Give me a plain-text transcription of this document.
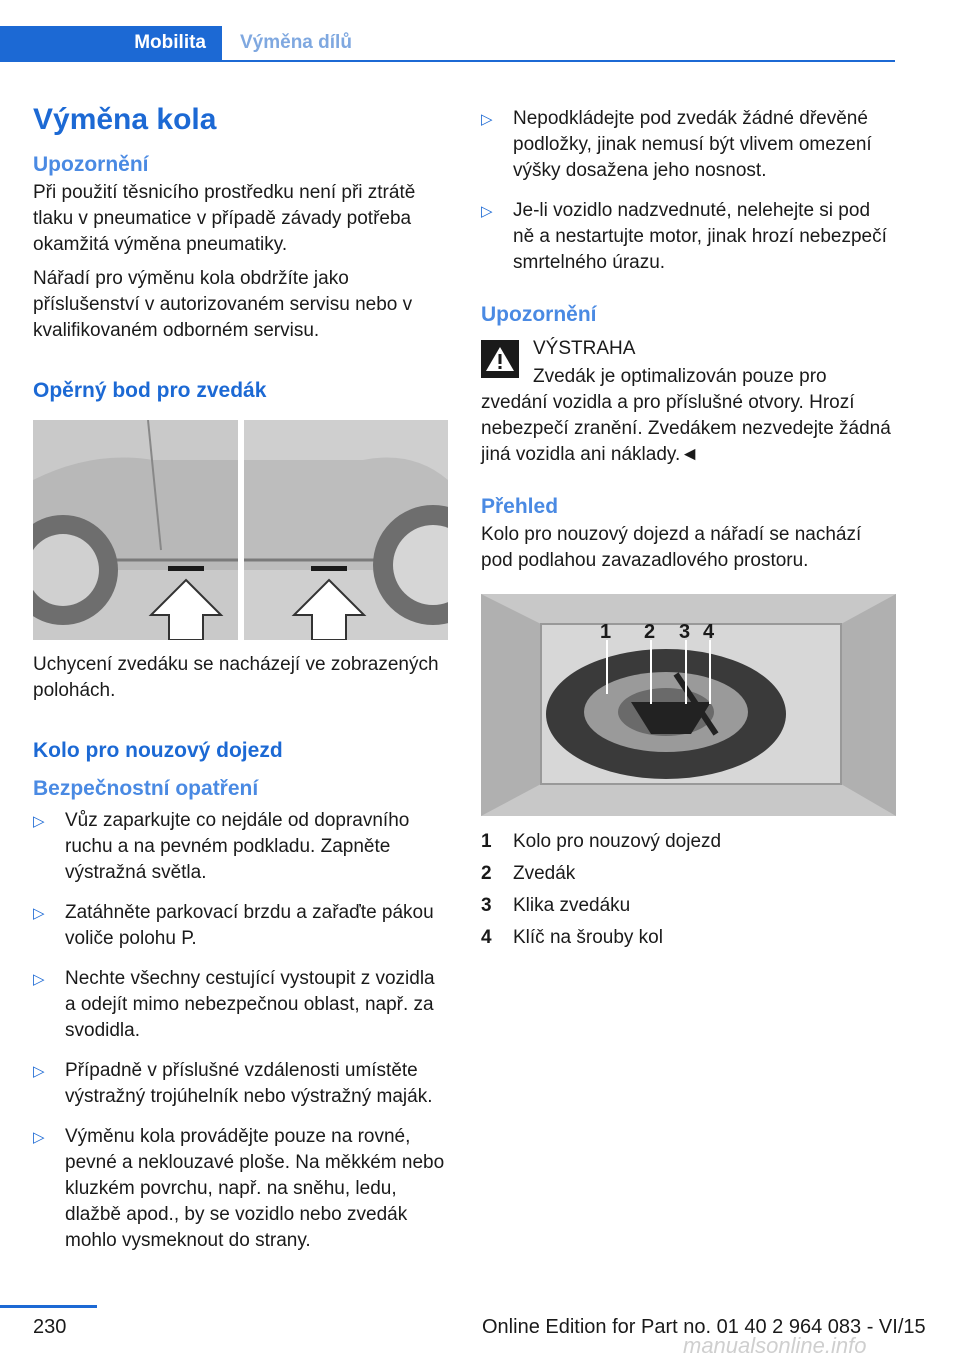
Mobilita	Výměna dílů
Výměna kola
Upozornění

Při použití těsnicího prostředku není při ztrátě tlaku v pneumatice v případě závady potřeba okamžitá výměna pneumatiky.

Nářadí pro výměnu kola obdržíte jako příslušenství v autorizovaném servisu nebo v kvalifikovaném odborném servisu.

Opěrný bod pro zvedák

Uchycení zvedáku se nacházejí ve zobrazených polohách.

Kolo pro nouzový dojezd
Bezpečnostní opatření
▷ Vůz zaparkujte co nejdále od dopravního ruchu a na pevném podkladu. Zapněte výstražná světla.
▷ Zatáhněte parkovací brzdu a zařaďte pákou voliče polohu P.
▷ Nechte všechny cestující vystoupit z vozidla a odejít mimo nebezpečnou oblast, např. za svodidla.
▷ Případně v příslušné vzdálenosti umístěte výstražný trojúhelník nebo výstražný maják.
▷ Výměnu kola provádějte pouze na rovné, pevné a neklouzavé ploše. Na měkkém nebo kluzkém povrchu, např. na sněhu, ledu, dlažbě apod., by se vozidlo nebo zvedák mohlo vysmeknout do strany.
▷ Nepodkládejte pod zvedák žádné dřevěné podložky, jinak nemusí být vlivem omezení výšky dosažena jeho nosnost.
▷ Je-li vozidlo nadzvednuté, nelehejte si pod ně a nestartujte motor, jinak hrozí nebezpečí smrtelného úrazu.
Upozornění
VÝSTRAHA

Zvedák je optimalizován pouze pro zvedání vozidla a pro příslušné otvory. Hrozí nebezpečí zranění. Zvedákem nezvedejte žádná jiná vozidla ani náklady.◄

Přehled

Kolo pro nouzový dojezd a nářadí se nachází pod podlahou zavazadlového prostoru.

1 2 3 4
1	Kolo pro nouzový dojezd
2	Zvedák
3	Klika zvedáku
4	Klíč na šrouby kol
230	Online Edition for Part no. 01 40 2 964 083 - VI/15
manualsonline.info
